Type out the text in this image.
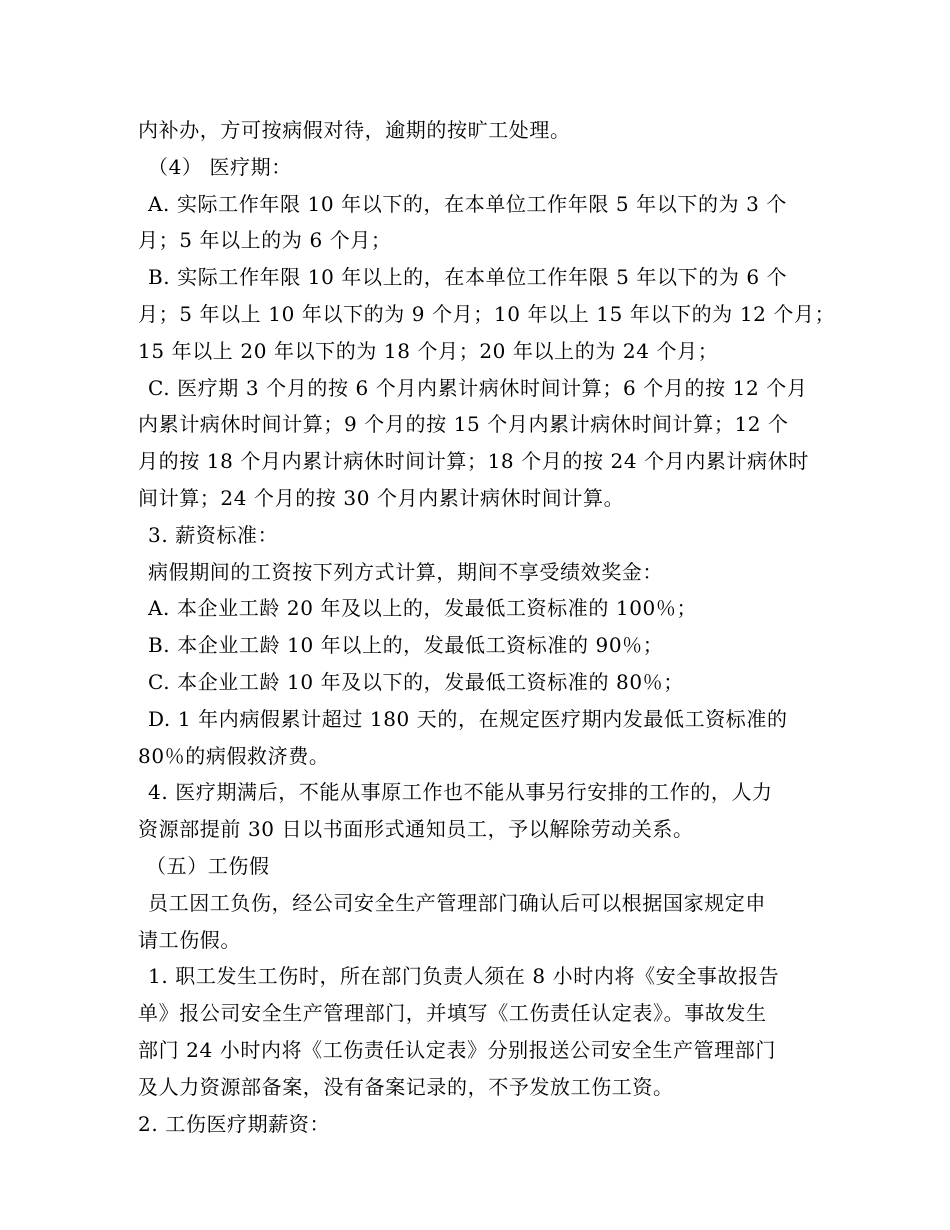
内补办，方可按病假对待，逾期的按旷工处理。
（4） 医疗期：
A. 实际工作年限 10 年以下的，在本单位工作年限 5 年以下的为 3 个
月；5 年以上的为 6 个月；
B. 实际工作年限 10 年以上的，在本单位工作年限 5 年以下的为 6 个
月；5 年以上 10 年以下的为 9 个月；10 年以上 15 年以下的为 12 个月；
15 年以上 20 年以下的为 18 个月；20 年以上的为 24 个月；
C. 医疗期 3 个月的按 6 个月内累计病休时间计算；6 个月的按 12 个月
内累计病休时间计算；9 个月的按 15 个月内累计病休时间计算；12 个
月的按 18 个月内累计病休时间计算；18 个月的按 24 个月内累计病休时
间计算；24 个月的按 30 个月内累计病休时间计算。
3. 薪资标准：
病假期间的工资按下列方式计算，期间不享受绩效奖金：
A. 本企业工龄 20 年及以上的，发最低工资标准的 100％；
B. 本企业工龄 10 年以上的，发最低工资标准的 90％；
C. 本企业工龄 10 年及以下的，发最低工资标准的 80％；
D. 1 年内病假累计超过 180 天的，在规定医疗期内发最低工资标准的
80％的病假救济费。
4. 医疗期满后，不能从事原工作也不能从事另行安排的工作的，人力
资源部提前 30 日以书面形式通知员工，予以解除劳动关系。
（五）工伤假
员工因工负伤，经公司安全生产管理部门确认后可以根据国家规定申
请工伤假。
1. 职工发生工伤时，所在部门负责人须在 8 小时内将《安全事故报告
单》报公司安全生产管理部门，并填写《工伤责任认定表》。事故发生
部门 24 小时内将《工伤责任认定表》分别报送公司安全生产管理部门
及人力资源部备案，没有备案记录的，不予发放工伤工资。
2. 工伤医疗期薪资：
